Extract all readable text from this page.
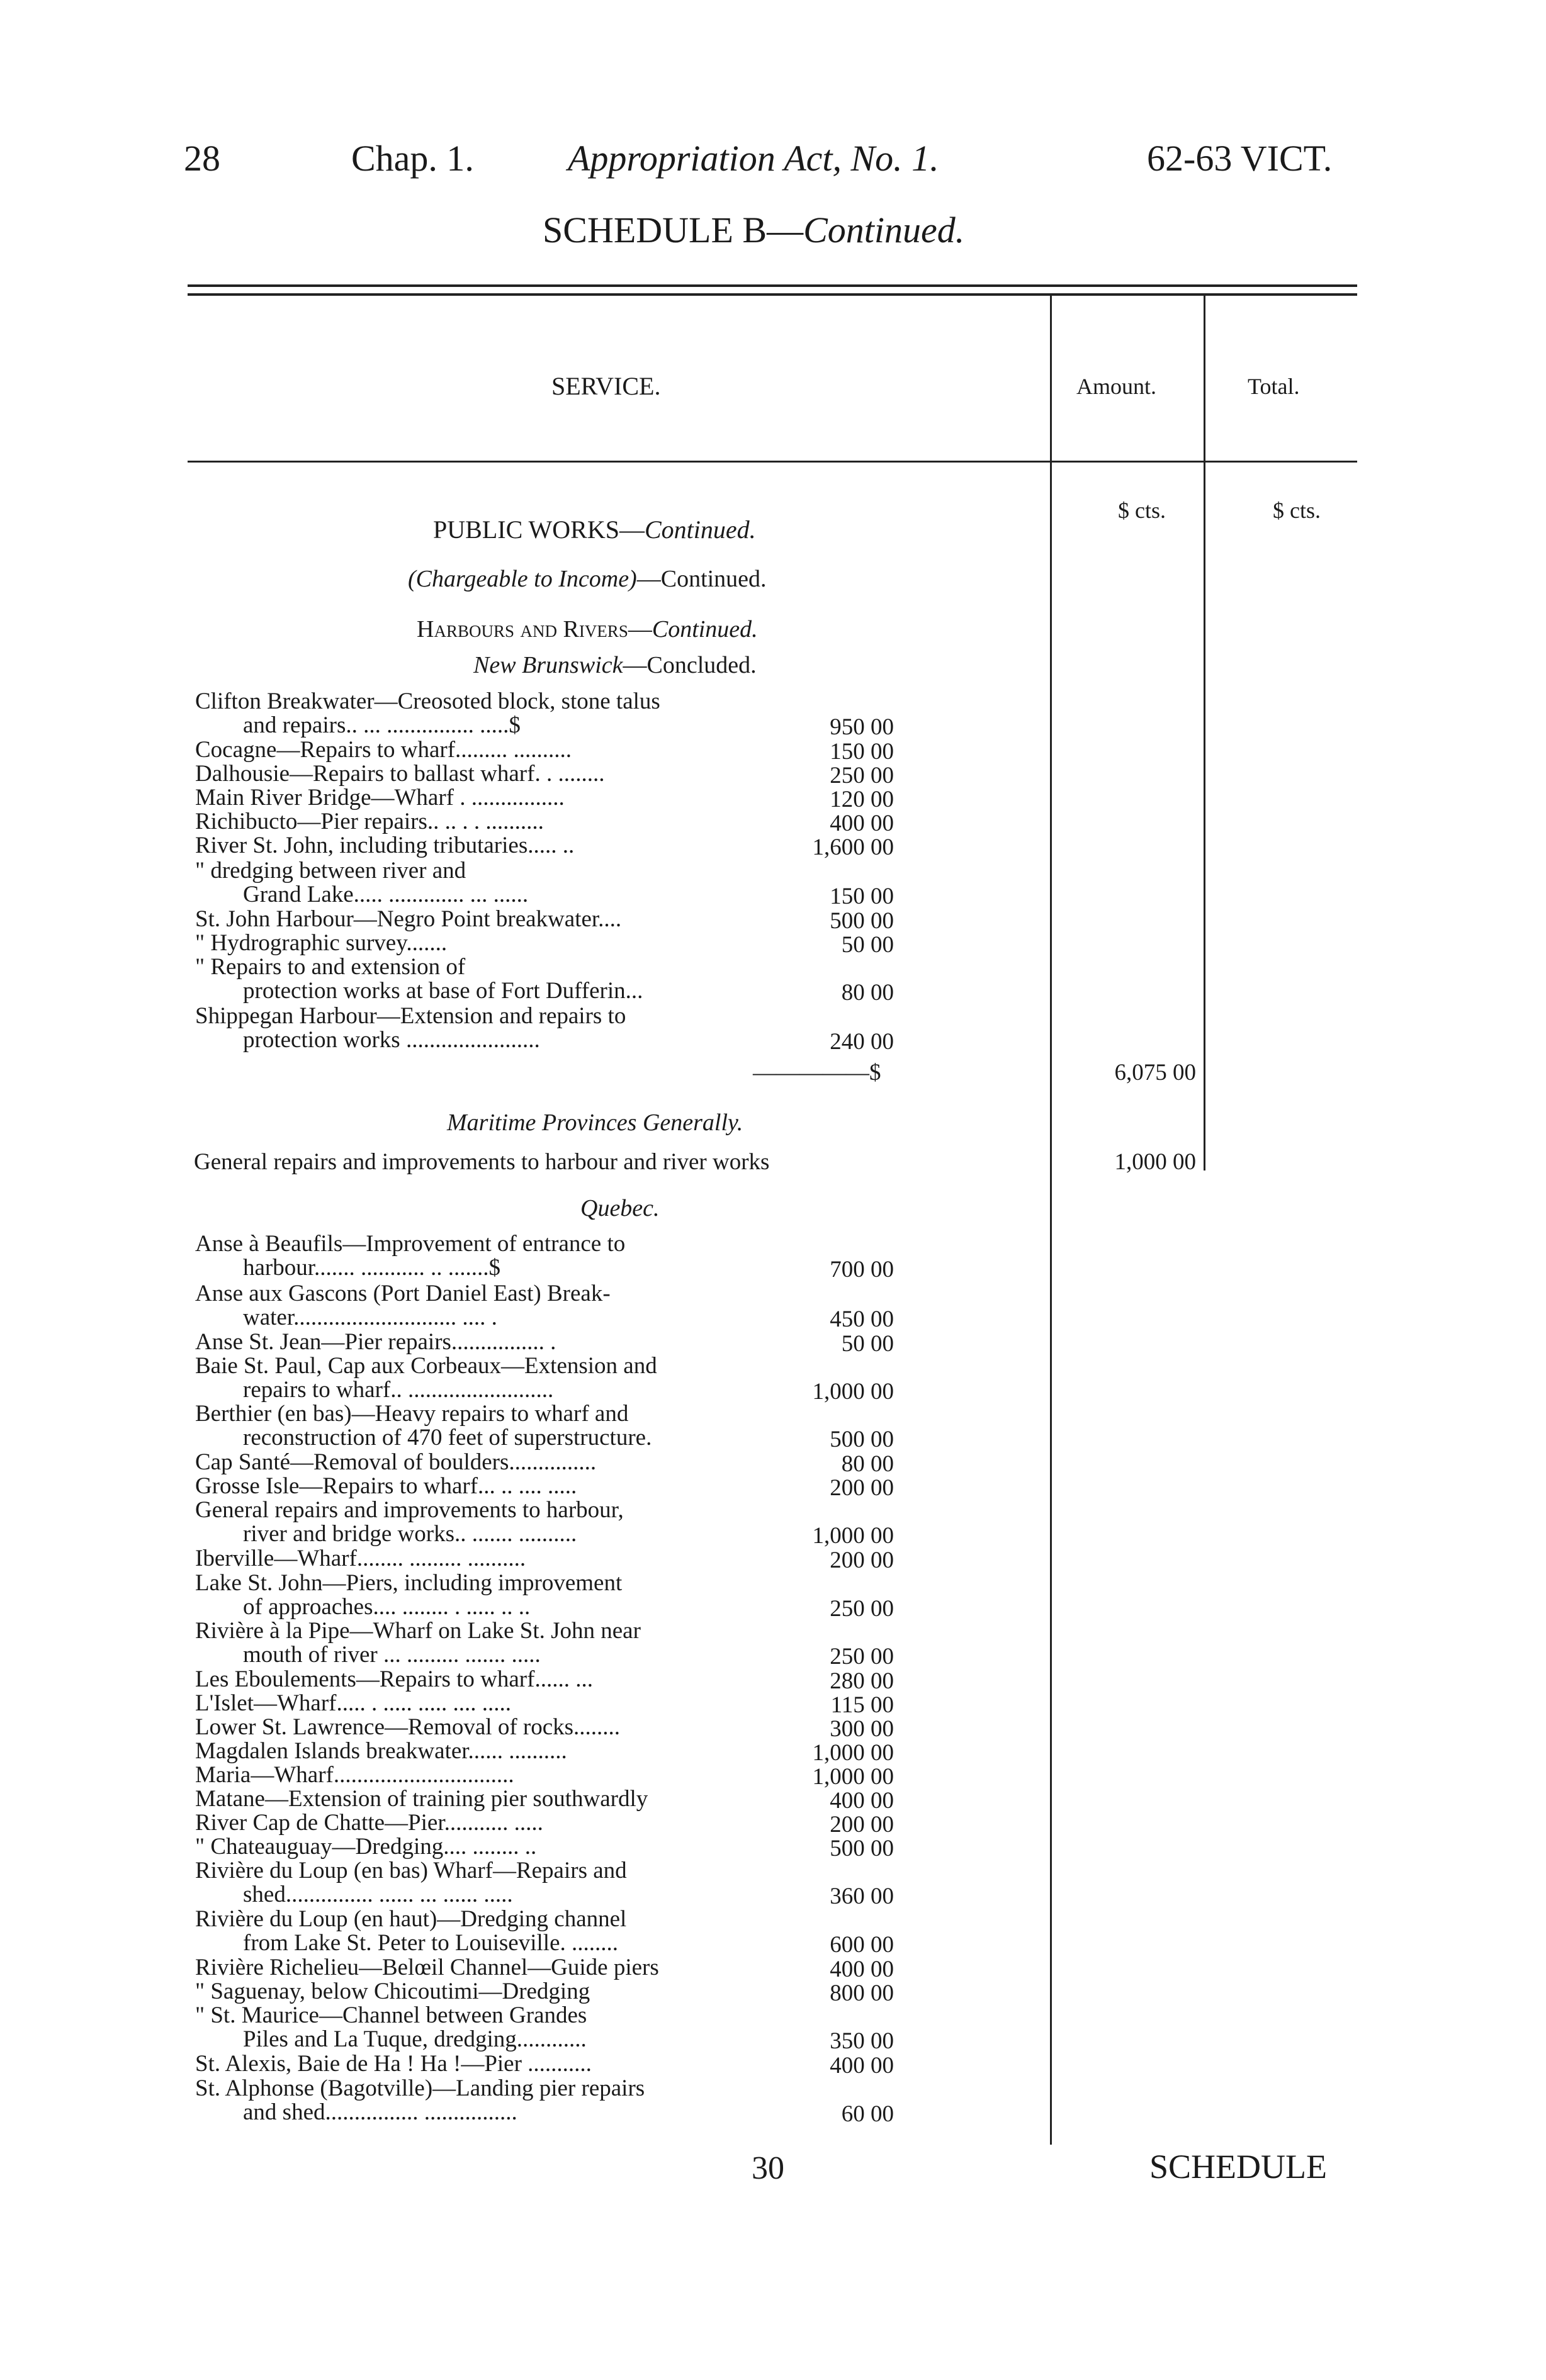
28	Chap. 1.	Appropriation Act, No. 1.	62-63 VICT.
SCHEDULE B—Continued.
SERVICE.	Amount.	Total.
$ cts.	$ cts.
PUBLIC WORKS—Continued.
(Chargeable to Income)—Continued.
Harbours and Rivers—Continued.
New Brunswick—Concluded.
Clifton Breakwater—Creosoted block, stone talus
and repairs.. ... ............... .....$	950 00
Cocagne—Repairs to wharf......... ..........	150 00
Dalhousie—Repairs to ballast wharf. . ........	250 00
Main River Bridge—Wharf . ................	120 00
Richibucto—Pier repairs.. .. . . ..........	400 00
River St. John, including tributaries..... ..	1,600 00
" dredging between river and
Grand Lake..... ............. ... ......	150 00
St. John Harbour—Negro Point breakwater....	500 00
" Hydrographic survey.......	50 00
" Repairs to and extension of
protection works at base of Fort Dufferin...	80 00
Shippegan Harbour—Extension and repairs to
protection works .......................	240 00
—————$	6,075 00
Maritime Provinces Generally.
General repairs and improvements to harbour and river works	1,000 00
Quebec.
Anse à Beaufils—Improvement of entrance to
harbour....... ........... .. .......$	700 00
Anse aux Gascons (Port Daniel East) Break-
water............................ .... .	450 00
Anse St. Jean—Pier repairs................ .	50 00
Baie St. Paul, Cap aux Corbeaux—Extension and
repairs to wharf.. .........................	1,000 00
Berthier (en bas)—Heavy repairs to wharf and
reconstruction of 470 feet of superstructure.	500 00
Cap Santé—Removal of boulders...............	80 00
Grosse Isle—Repairs to wharf... .. .... .....	200 00
General repairs and improvements to harbour,
river and bridge works.. ....... ..........	1,000 00
Iberville—Wharf........ ......... ..........	200 00
Lake St. John—Piers, including improvement
of approaches.... ........ . ..... .. ..	250 00
Rivière à la Pipe—Wharf on Lake St. John near
mouth of river ... ......... ....... .....	250 00
Les Eboulements—Repairs to wharf...... ...	280 00
L'Islet—Wharf..... . ..... ..... .... .....	115 00
Lower St. Lawrence—Removal of rocks........	300 00
Magdalen Islands breakwater...... ..........	1,000 00
Maria—Wharf...............................	1,000 00
Matane—Extension of training pier southwardly	400 00
River Cap de Chatte—Pier........... .....	200 00
" Chateauguay—Dredging.... ........ ..	500 00
Rivière du Loup (en bas) Wharf—Repairs and
shed............... ...... ... ...... .....	360 00
Rivière du Loup (en haut)—Dredging channel
from Lake St. Peter to Louiseville. ........	600 00
Rivière Richelieu—Belœil Channel—Guide piers	400 00
" Saguenay, below Chicoutimi—Dredging	800 00
" St. Maurice—Channel between Grandes
Piles and La Tuque, dredging............	350 00
St. Alexis, Baie de Ha ! Ha !—Pier ...........	400 00
St. Alphonse (Bagotville)—Landing pier repairs
and shed................ ................	60 00
30	SCHEDULE
